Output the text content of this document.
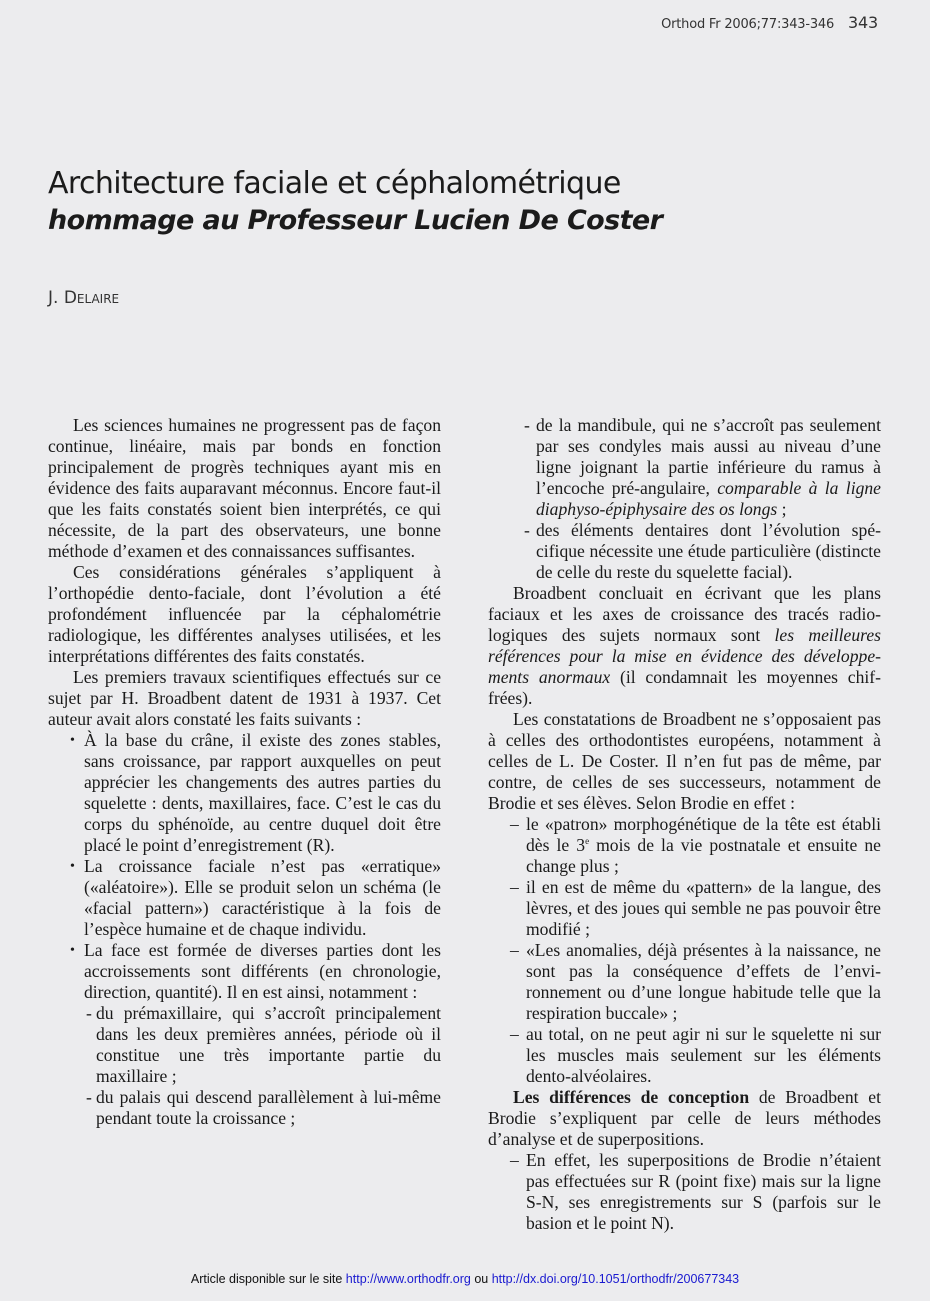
Orthod Fr 2006;77:343-346 343
Architecture faciale et céphalométrique
hommage au Professeur Lucien De Coster
J. Delaire

Les sciences humaines ne progressent pas de façon continue, linéaire, mais par bonds en fonction principalement de progrès techniques ayant mis en évidence des faits auparavant méconnus. Encore faut-il que les faits constatés soient bien interprétés, ce qui nécessite, de la part des observateurs, une bonne méthode d’examen et des connaissances suffisantes.

Ces considérations générales s’appliquent à l’orthopédie dento-faciale, dont l’évolution a été profondément influencée par la céphalométrie radiologique, les différentes analyses utilisées, et les interprétations différentes des faits constatés.

Les premiers travaux scientifiques effectués sur ce sujet par H. Broadbent datent de 1931 à 1937. Cet auteur avait alors constaté les faits suivants :

• À la base du crâne, il existe des zones stables, sans croissance, par rapport auxquelles on peut apprécier les changements des autres parties du squelette : dents, maxillaires, face. C’est le cas du corps du sphénoïde, au centre duquel doit être placé le point d’enregistrement (R).
• La croissance faciale n’est pas «erratique» («aléatoire»). Elle se produit selon un schéma (le «facial pattern») caractéristique à la fois de l’espèce humaine et de chaque individu.
• La face est formée de diverses parties dont les accroissements sont différents (en chronologie, direction, quantité). Il en est ainsi, notamment :
- du prémaxillaire, qui s’accroît principalement dans les deux premières années, période où il constitue une très importante partie du maxillaire ;
- du palais qui descend parallèlement à lui-même pendant toute la croissance ;
- de la mandibule, qui ne s’accroît pas seulement par ses condyles mais aussi au niveau d’une ligne joignant la partie inférieure du ramus à l’encoche pré-angulaire, comparable à la ligne diaphyso-épiphysaire des os longs ;
- des éléments dentaires dont l’évolution spécifique nécessite une étude particulière (distincte de celle du reste du squelette facial).

Broadbent concluait en écrivant que les plans faciaux et les axes de croissance des tracés radiologiques des sujets normaux sont les meilleures références pour la mise en évidence des développements anormaux (il condamnait les moyennes chiffrées).

Les constatations de Broadbent ne s’opposaient pas à celles des orthodontistes européens, notamment à celles de L. De Coster. Il n’en fut pas de même, par contre, de celles de ses successeurs, notamment de Brodie et ses élèves. Selon Brodie en effet :

– le «patron» morphogénétique de la tête est établi dès le 3e mois de la vie postnatale et ensuite ne change plus ;
– il en est de même du «pattern» de la langue, des lèvres, et des joues qui semble ne pas pouvoir être modifié ;
– «Les anomalies, déjà présentes à la naissance, ne sont pas la conséquence d’effets de l’environnement ou d’une longue habitude telle que la respiration buccale» ;
– au total, on ne peut agir ni sur le squelette ni sur les muscles mais seulement sur les éléments dento-alvéolaires.

Les différences de conception de Broadbent et Brodie s’expliquent par celle de leurs méthodes d’analyse et de superpositions.

– En effet, les superpositions de Brodie n’étaient pas effectuées sur R (point fixe) mais sur la ligne S-N, ses enregistrements sur S (parfois sur le basion et le point N).
Article disponible sur le site http://www.orthodfr.org ou http://dx.doi.org/10.1051/orthodfr/200677343
